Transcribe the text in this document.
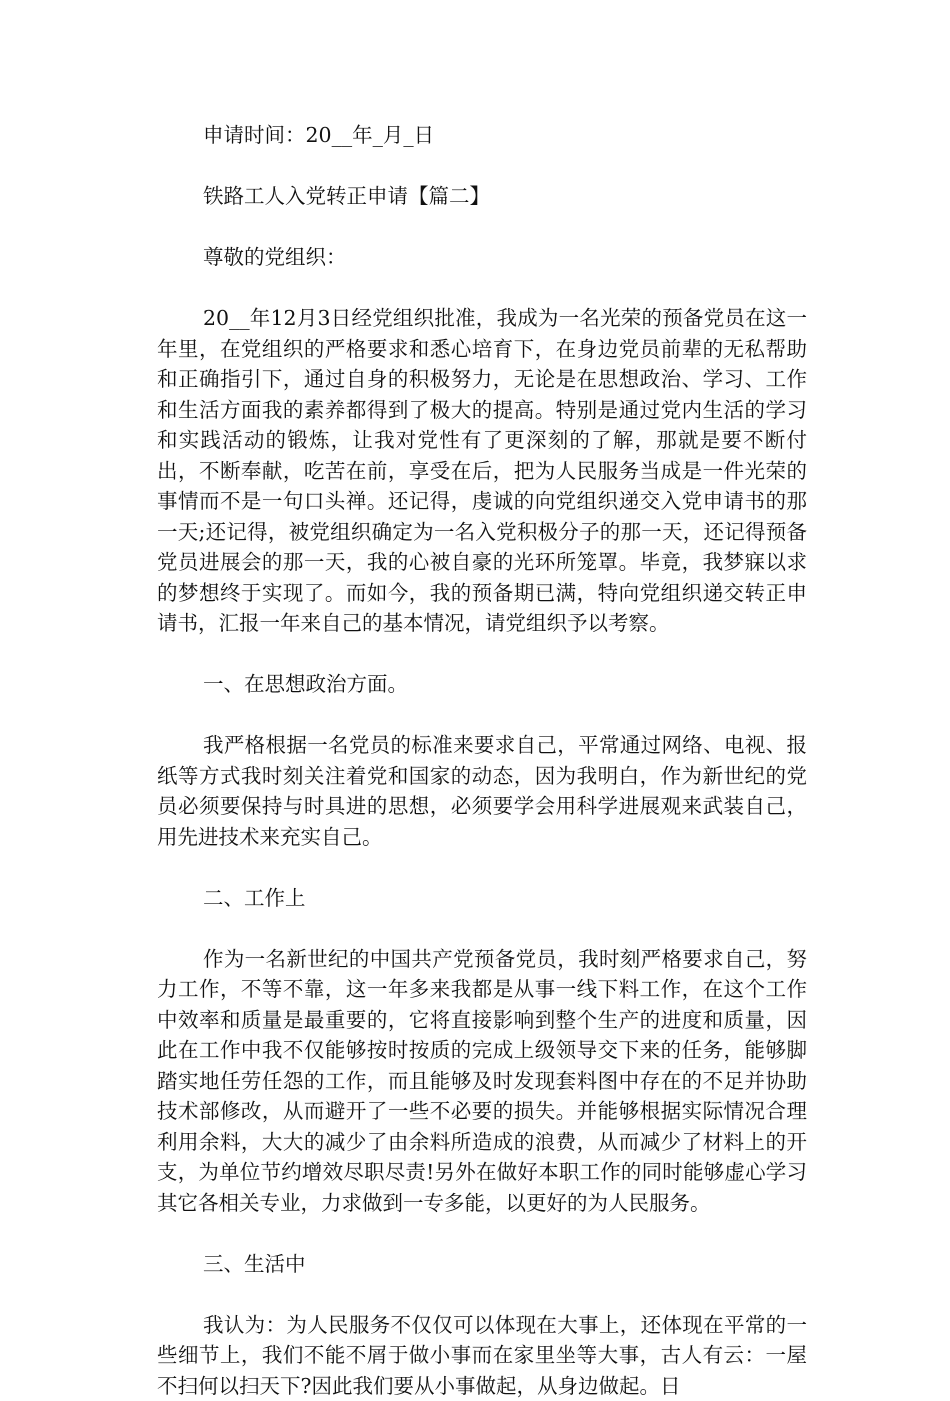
申请时间：20__年_月_日

铁路工人入党转正申请【篇二】

尊敬的党组织：

20__年12月3日经党组织批准，我成为一名光荣的预备党员在这一年里，在党组织的严格要求和悉心培育下，在身边党员前辈的无私帮助和正确指引下，通过自身的积极努力，无论是在思想政治、学习、工作和生活方面我的素养都得到了极大的提高。特别是通过党内生活的学习和实践活动的锻炼，让我对党性有了更深刻的了解，那就是要不断付出，不断奉献，吃苦在前，享受在后，把为人民服务当成是一件光荣的事情而不是一句口头禅。还记得，虔诚的向党组织递交入党申请书的那一天;还记得，被党组织确定为一名入党积极分子的那一天，还记得预备党员进展会的那一天，我的心被自豪的光环所笼罩。毕竟，我梦寐以求的梦想终于实现了。而如今，我的预备期已满，特向党组织递交转正申请书，汇报一年来自己的基本情况，请党组织予以考察。

一、在思想政治方面。

我严格根据一名党员的标准来要求自己，平常通过网络、电视、报纸等方式我时刻关注着党和国家的动态，因为我明白，作为新世纪的党员必须要保持与时具进的思想，必须要学会用科学进展观来武装自己，用先进技术来充实自己。

二、工作上

作为一名新世纪的中国共产党预备党员，我时刻严格要求自己，努力工作，不等不靠，这一年多来我都是从事一线下料工作，在这个工作中效率和质量是最重要的，它将直接影响到整个生产的进度和质量，因此在工作中我不仅能够按时按质的完成上级领导交下来的任务，能够脚踏实地任劳任怨的工作，而且能够及时发现套料图中存在的不足并协助技术部修改，从而避开了一些不必要的损失。并能够根据实际情况合理利用余料，大大的减少了由余料所造成的浪费，从而减少了材料上的开支，为单位节约增效尽职尽责!另外在做好本职工作的同时能够虚心学习其它各相关专业，力求做到一专多能，以更好的为人民服务。

三、生活中

我认为：为人民服务不仅仅可以体现在大事上，还体现在平常的一些细节上，我们不能不屑于做小事而在家里坐等大事，古人有云：一屋不扫何以扫天下?因此我们要从小事做起，从身边做起。日
